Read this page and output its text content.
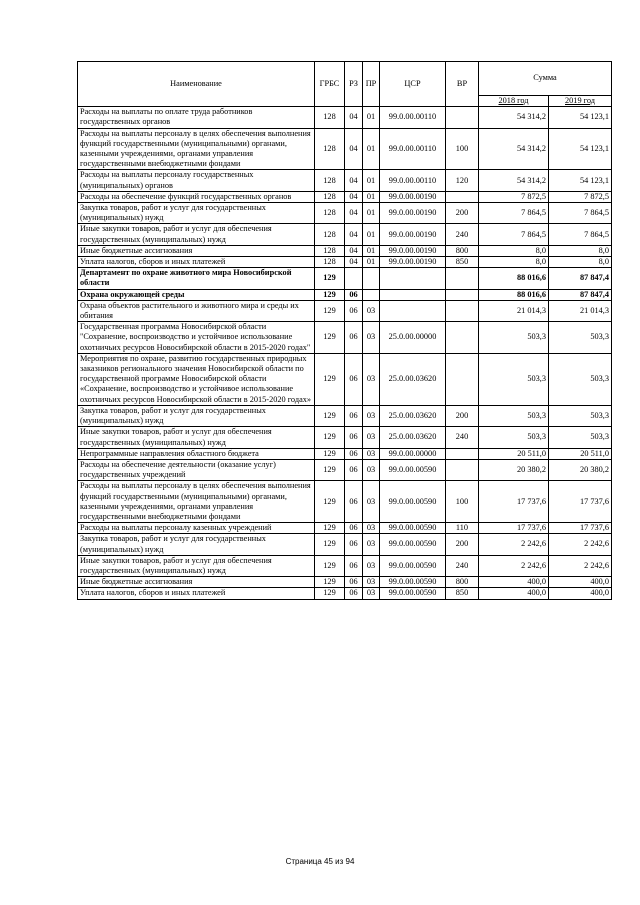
Наименование	ГРБС	РЗ	ПР	ЦСР	ВР	Сумма	
						2018 год	2019 год
Расходы на выплаты по оплате труда работников государственных органов	128	04	01	99.0.00.00110		54 314,2	54 123,1
Расходы на выплаты персоналу в целях обеспечения выполнения функций государственными (муниципальными) органами, казенными учреждениями, органами управления государственными внебюджетными фондами	128	04	01	99.0.00.00110	100	54 314,2	54 123,1
Расходы на выплаты персоналу государственных (муниципальных) органов	128	04	01	99.0.00.00110	120	54 314,2	54 123,1
Расходы на обеспечение функций государственных органов	128	04	01	99.0.00.00190		7 872,5	7 872,5
Закупка товаров, работ и услуг для государственных (муниципальных) нужд	128	04	01	99.0.00.00190	200	7 864,5	7 864,5
Иные закупки товаров, работ и услуг для обеспечения государственных (муниципальных) нужд	128	04	01	99.0.00.00190	240	7 864,5	7 864,5
Иные бюджетные ассигнования	128	04	01	99.0.00.00190	800	8,0	8,0
Уплата налогов, сборов и иных платежей	128	04	01	99.0.00.00190	850	8,0	8,0
Департамент по охране животного мира Новосибирской области	129					88 016,6	87 847,4
Охрана окружающей среды	129	06				88 016,6	87 847,4
Охрана объектов растительного и животного мира и среды их обитания	129	06	03			21 014,3	21 014,3
Государственная программа Новосибирской области "Сохранение, воспроизводство и устойчивое использование охотничьих ресурсов Новосибирской области в 2015-2020 годах"	129	06	03	25.0.00.00000		503,3	503,3
Мероприятия по охране, развитию государственных природных заказников регионального значения Новосибирской области по государственной программе Новосибирской области «Сохранение, воспроизводство и устойчивое использование охотничьих ресурсов Новосибирской области в 2015-2020 годах»	129	06	03	25.0.00.03620		503,3	503,3
Закупка товаров, работ и услуг для государственных (муниципальных) нужд	129	06	03	25.0.00.03620	200	503,3	503,3
Иные закупки товаров, работ и услуг для обеспечения государственных (муниципальных) нужд	129	06	03	25.0.00.03620	240	503,3	503,3
Непрограммные направления областного бюджета	129	06	03	99.0.00.00000		20 511,0	20 511,0
Расходы на обеспечение деятельности (оказание услуг) государственных учреждений	129	06	03	99.0.00.00590		20 380,2	20 380,2
Расходы на выплаты персоналу в целях обеспечения выполнения функций государственными (муниципальными) органами, казенными учреждениями, органами управления государственными внебюджетными фондами	129	06	03	99.0.00.00590	100	17 737,6	17 737,6
Расходы на выплаты персоналу казенных учреждений	129	06	03	99.0.00.00590	110	17 737,6	17 737,6
Закупка товаров, работ и услуг для государственных (муниципальных) нужд	129	06	03	99.0.00.00590	200	2 242,6	2 242,6
Иные закупки товаров, работ и услуг для обеспечения государственных (муниципальных) нужд	129	06	03	99.0.00.00590	240	2 242,6	2 242,6
Иные бюджетные ассигнования	129	06	03	99.0.00.00590	800	400,0	400,0
Уплата налогов, сборов и иных платежей	129	06	03	99.0.00.00590	850	400,0	400,0
Страница 45 из 94
